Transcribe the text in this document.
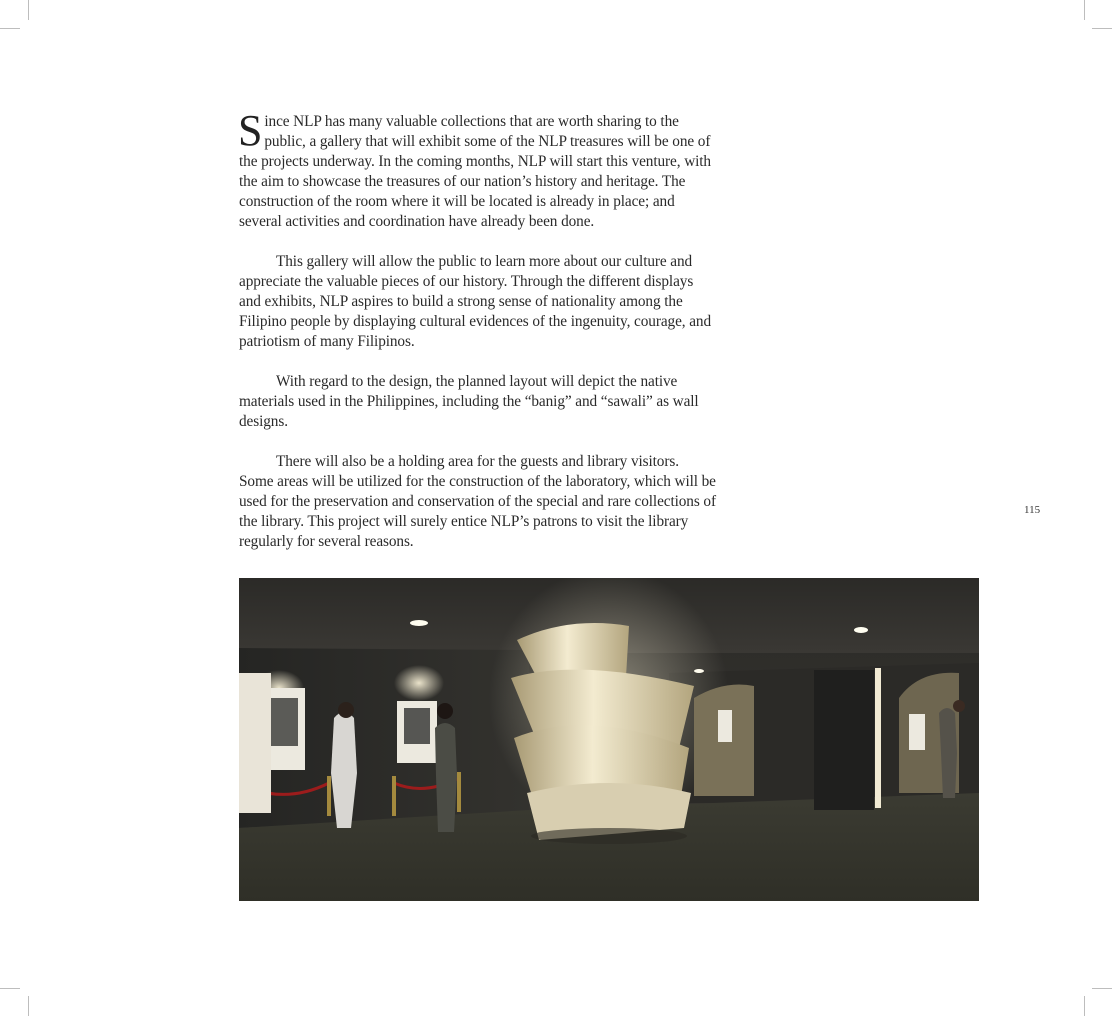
Since NLP has many valuable collections that are worth sharing to the public, a gallery that will exhibit some of the NLP treasures will be one of the projects underway. In the coming months, NLP will start this venture, with the aim to showcase the treasures of our nation’s history and heritage. The construction of the room where it will be located is already in place; and several activities and coordination have already been done.

This gallery will allow the public to learn more about our culture and appreciate the valuable pieces of our history. Through the different displays and exhibits, NLP aspires to build a strong sense of nationality among the Filipino people by displaying cultural evidences of the ingenuity, courage, and patriotism of many Filipinos.

With regard to the design, the planned layout will depict the native materials used in the Philippines, including the “banig” and “sawali” as wall designs.

There will also be a holding area for the guests and library visitors. Some areas will be utilized for the construction of the laboratory, which will be used for the preservation and conservation of the special and rare collections of the library. This project will surely entice NLP’s patrons to visit the library regularly for several reasons.

115
